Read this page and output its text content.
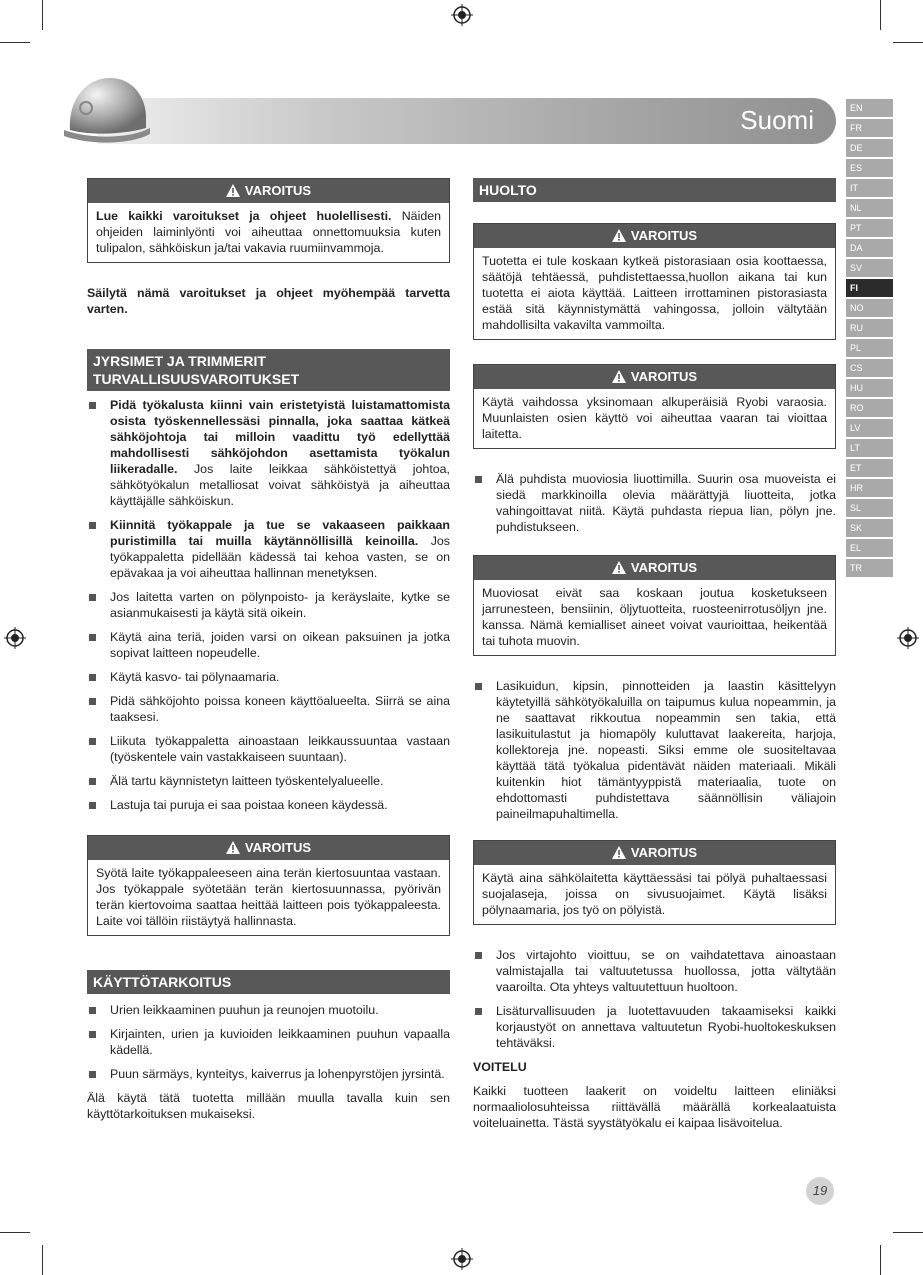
Suomi	EN
FR
DE
ES
IT
NL
PT
DA
SV
FI
NO
RU
PL
CS
HU
RO
LV
LT
ET
HR
SL
SK
EL
TR
VAROITUS
Lue kaikki varoitukset ja ohjeet huolellisesti. Näiden ohjeiden laiminlyönti voi aiheuttaa onnettomuuksia kuten tulipalon, sähköiskun ja/tai vakavia ruumiinvammoja.

Säilytä nämä varoitukset ja ohjeet myöhempää tarvetta varten.

JYRSIMET JA TRIMMERIT TURVALLISUUSVAROITUKSET
Pidä työkalusta kiinni vain eristetyistä luistamattomista osista työskennellessäsi pinnalla, joka saattaa kätkeä sähköjohtoja tai milloin vaadittu työ edellyttää mahdollisesti sähköjohdon asettamista työkalun liikeradalle. Jos laite leikkaa sähköistettyä johtoa, sähkötyökalun metalliosat voivat sähköistyä ja aiheuttaa käyttäjälle sähköiskun.
Kiinnitä työkappale ja tue se vakaaseen paikkaan puristimilla tai muilla käytännöllisillä keinoilla. Jos työkappaletta pidellään kädessä tai kehoa vasten, se on epävakaa ja voi aiheuttaa hallinnan menetyksen.
Jos laitetta varten on pölynpoisto- ja keräyslaite, kytke se asianmukaisesti ja käytä sitä oikein.
Käytä aina teriä, joiden varsi on oikean paksuinen ja jotka sopivat laitteen nopeudelle.
Käytä kasvo- tai pölynaamaria.
Pidä sähköjohto poissa koneen käyttöalueelta. Siirrä se aina taaksesi.
Liikuta työkappaletta ainoastaan leikkaussuuntaa vastaan (työskentele vain vastakkaiseen suuntaan).
Älä tartu käynnistetyn laitteen työskentelyalueelle.
Lastuja tai puruja ei saa poistaa koneen käydessä.
VAROITUS
Syötä laite työkappaleeseen aina terän kiertosuuntaa vastaan. Jos työkappale syötetään terän kiertosuunnassa, pyörivän terän kiertovoima saattaa heittää laitteen pois työkappaleesta. Laite voi tällöin riistäytyä hallinnasta.
KÄYTTÖTARKOITUS
Urien leikkaaminen puuhun ja reunojen muotoilu.
Kirjainten, urien ja kuvioiden leikkaaminen puuhun vapaalla kädellä.
Puun särmäys, kynteitys, kaiverrus ja lohenpyrstöjen jyrsintä.

Älä käytä tätä tuotetta millään muulla tavalla kuin sen käyttötarkoituksen mukaiseksi.

HUOLTO
VAROITUS
Tuotetta ei tule koskaan kytkeä pistorasiaan osia koottaessa, säätöjä tehtäessä, puhdistettaessa,huollon aikana tai kun tuotetta ei aiota käyttää. Laitteen irrottaminen pistorasiasta estää sitä käynnistymättä vahingossa, jolloin vältytään mahdollisilta vakavilta vammoilta.
VAROITUS
Käytä vaihdossa yksinomaan alkuperäisiä Ryobi varaosia. Muunlaisten osien käyttö voi aiheuttaa vaaran tai vioittaa laitetta.
Älä puhdista muoviosia liuottimilla. Suurin osa muoveista ei siedä markkinoilla olevia määrättyjä liuotteita, jotka vahingoittavat niitä. Käytä puhdasta riepua lian, pölyn jne. puhdistukseen.
VAROITUS
Muoviosat eivät saa koskaan joutua kosketukseen jarrunesteen, bensiinin, öljytuotteita, ruosteenirrotusöljyn jne. kanssa. Nämä kemialliset aineet voivat vaurioittaa, heikentää tai tuhota muovin.
Lasikuidun, kipsin, pinnotteiden ja laastin käsittelyyn käytetyillä sähkötyökaluilla on taipumus kulua nopeammin, ja ne saattavat rikkoutua nopeammin sen takia, että lasikuitulastut ja hiomapöly kuluttavat laakereita, harjoja, kollektoreja jne. nopeasti. Siksi emme ole suositeltavaa käyttää tätä työkalua pidentävät näiden materiaali. Mikäli kuitenkin hiot tämäntyyppistä materiaalia, tuote on ehdottomasti puhdistettava säännöllisin väliajoin paineilmapuhaltimella.
VAROITUS
Käytä aina sähkölaitetta käyttäessäsi tai pölyä puhaltaessasi suojalaseja, joissa on sivusuojaimet. Käytä lisäksi pölynaamaria, jos työ on pölyistä.
Jos virtajohto vioittuu, se on vaihdatettava ainoastaan valmistajalla tai valtuutetussa huollossa, jotta vältytään vaaroilta. Ota yhteys valtuutettuun huoltoon.
Lisäturvallisuuden ja luotettavuuden takaamiseksi kaikki korjaustyöt on annettava valtuutetun Ryobi-huoltokeskuksen tehtäväksi.

VOITELU

Kaikki tuotteen laakerit on voideltu laitteen eliniäksi normaaliolosuhteissa riittävällä määrällä korkealaatuista voiteluainetta. Tästä syystätyökalu ei kaipaa lisävoitelua.

19
